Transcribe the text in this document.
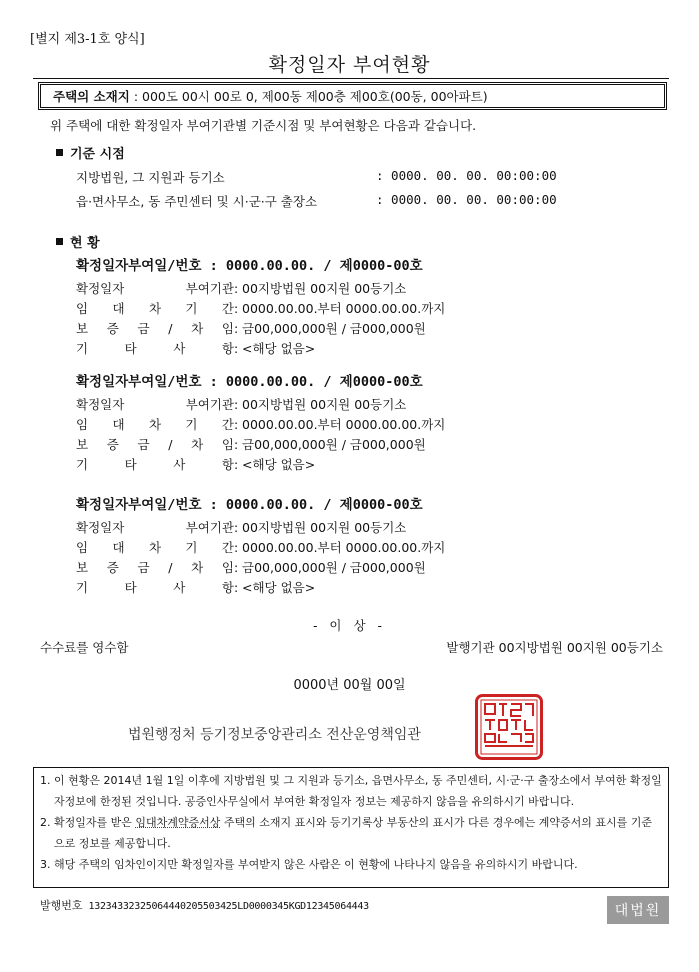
[별지 제3-1호 양식]
확정일자 부여현황
주택의 소재지 : 000도 00시 00로 0, 제00동 제00층 제00호(00동, 00아파트)
위 주택에 대한 확정일자 부여기관별 기준시점 및 부여현황은 다음과 같습니다.
기준 시점
지방법원, 그 지원과 등기소	: 0000. 00. 00. 00:00:00
읍·면사무소, 동 주민센터 및 시·군·구 출장소	: 0000. 00. 00. 00:00:00
현 황
확정일자부여일/번호 : 0000.00.00. / 제0000-00호
확정일자	부여기관 : 00지방법원 00지원 00등기소
임 대 차 기 간 : 0000.00.00.부터 0000.00.00.까지
보 증 금 / 차 임 : 금00,000,000원 / 금000,000원
기	타	사	항 : <해당 없음>
확정일자부여일/번호 : 0000.00.00. / 제0000-00호
확정일자	부여기관 : 00지방법원 00지원 00등기소
임 대 차 기 간 : 0000.00.00.부터 0000.00.00.까지
보 증 금 / 차 임 : 금00,000,000원 / 금000,000원
기	타	사	항 : <해당 없음>
확정일자부여일/번호 : 0000.00.00. / 제0000-00호
확정일자	부여기관 : 00지방법원 00지원 00등기소
임 대 차 기 간 : 0000.00.00.부터 0000.00.00.까지
보 증 금 / 차 임 : 금00,000,000원 / 금000,000원
기	타	사	항 : <해당 없음>
- 이 상 -
수수료를 영수함	발행기관 00지방법원 00지원 00등기소
0000년 00월 00일
법원행정처 등기정보중앙관리소 전산운영책임관
1. 이 현황은 2014년 1월 1일 이후에 지방법원 및 그 지원과 등기소, 읍면사무소, 동 주민센터, 시·군·구 출장소에서 부여한 확정일자정보에 한정된 것입니다. 공증인사무실에서 부여한 확정일자 정보는 제공하지 않음을 유의하시기 바랍니다.
2. 확정일자를 받은 임대차계약증서상 주택의 소재지 표시와 등기기록상 부동산의 표시가 다른 경우에는 계약증서의 표시를 기준으로 정보를 제공합니다.
3. 해당 주택의 임차인이지만 확정일자를 부여받지 않은 사람은 이 현황에 나타나지 않음을 유의하시기 바랍니다.
발행번호 13234332325064440205503425LD0000345KGD12345064443	대법원
